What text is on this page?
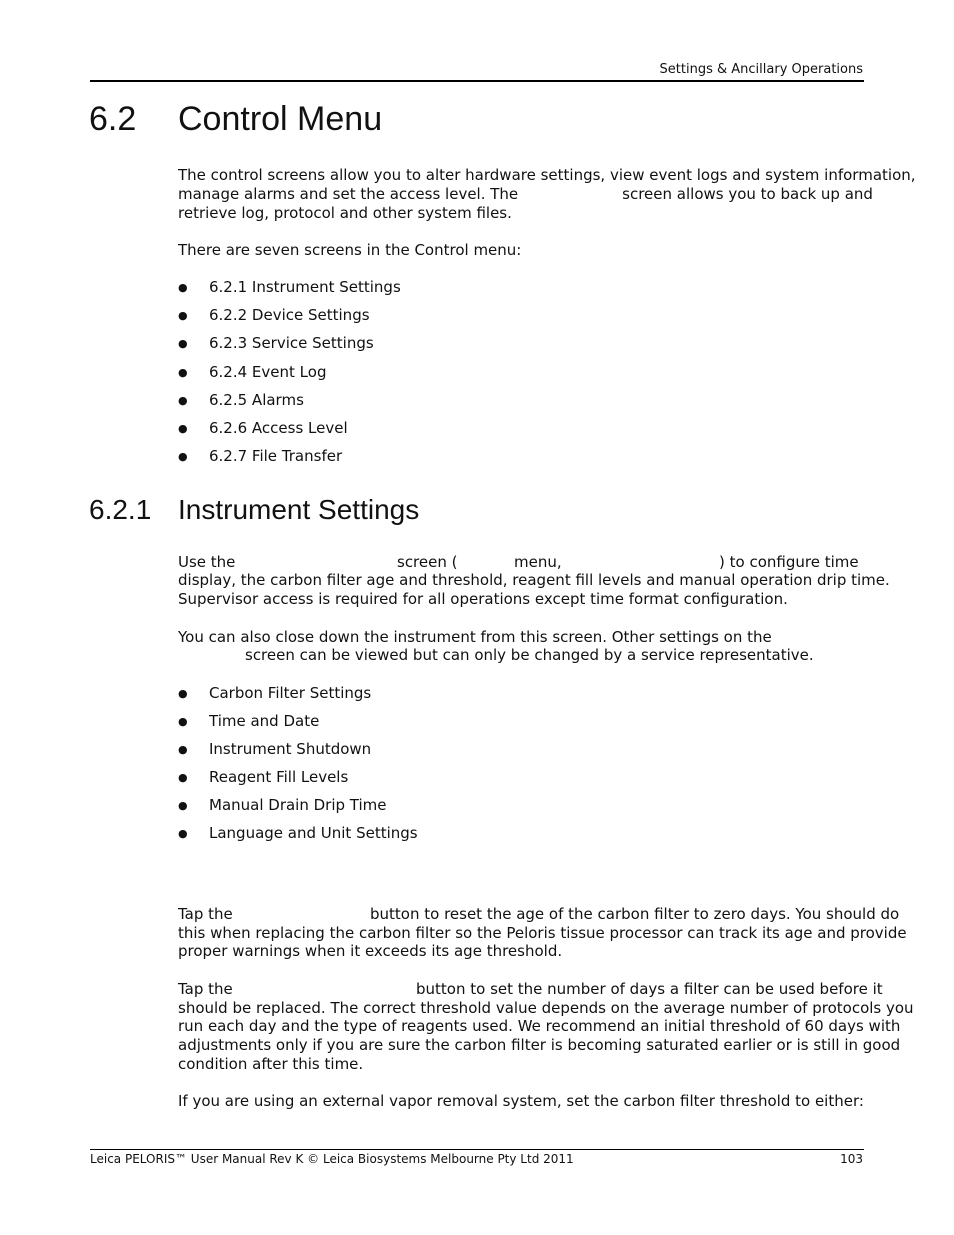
Settings & Ancillary Operations
6.2 Control Menu
The control screens allow you to alter hardware settings, view event logs and system information,
manage alarms and set the access level. The	screen allows you to back up and
retrieve log, protocol and other system files.
There are seven screens in the Control menu:
● 6.2.1 Instrument Settings
● 6.2.2 Device Settings
● 6.2.3 Service Settings
● 6.2.4 Event Log
● 6.2.5 Alarms
● 6.2.6 Access Level
● 6.2.7 File Transfer
6.2.1 Instrument Settings
Use the	screen (	menu,	) to configure time
display, the carbon filter age and threshold, reagent fill levels and manual operation drip time.
Supervisor access is required for all operations except time format configuration.
You can also close down the instrument from this screen. Other settings on the
screen can be viewed but can only be changed by a service representative.
● Carbon Filter Settings
● Time and Date
● Instrument Shutdown
● Reagent Fill Levels
● Manual Drain Drip Time
● Language and Unit Settings
Tap the	button to reset the age of the carbon filter to zero days. You should do
this when replacing the carbon filter so the Peloris tissue processor can track its age and provide
proper warnings when it exceeds its age threshold.
Tap the	button to set the number of days a filter can be used before it
should be replaced. The correct threshold value depends on the average number of protocols you
run each day and the type of reagents used. We recommend an initial threshold of 60 days with
adjustments only if you are sure the carbon filter is becoming saturated earlier or is still in good
condition after this time.
If you are using an external vapor removal system, set the carbon filter threshold to either:
Leica PELORIS™ User Manual Rev K © Leica Biosystems Melbourne Pty Ltd 2011	103
